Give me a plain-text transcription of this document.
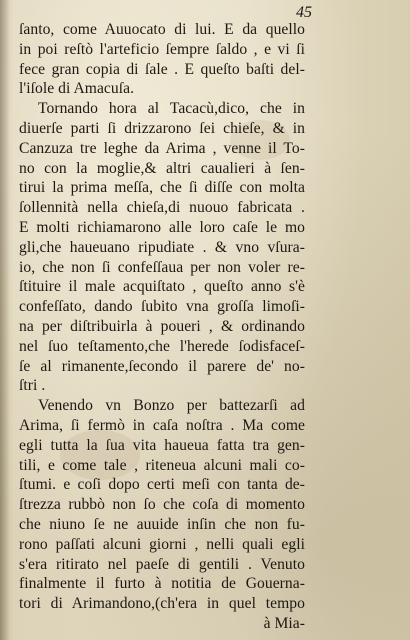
45
ſanto, come Auuocato di lui. E da quello
in poi reſtò l'arteficio ſempre ſaldo , e vi ſi
fece gran copia di ſale . E queſto baſti del-
l'iſole di Amacuſa.
Tornando hora al Tacacù,dico, che in
diuerſe parti ſi drizzarono ſei chieſe, & in
Canzuza tre leghe da Arima , venne il To-
no con la moglie,& altri caualieri à ſen-
tirui la prima meſſa, che ſi diſſe con molta
ſollennità nella chieſa,di nuouo fabricata .
E molti richiamarono alle loro caſe le mo
gli,che haueuano ripudiate . & vno vſura-
io, che non ſi confeſſaua per non voler re-
ſtituire il male acquiſtato , queſto anno s'è
confeſſato, dando ſubito vna groſſa limoſi-
na per diſtribuirla à poueri , & ordinando
nel ſuo teſtamento,che l'herede ſodisfaceſ-
ſe al rimanente,ſecondo il parere de' no-
ſtri .
Venendo vn Bonzo per battezarſi ad
Arima, ſi fermò in caſa noſtra . Ma come
egli tutta la ſua vita haueua fatta tra gen-
tili, e come tale , riteneua alcuni mali co-
ſtumi. e coſi dopo certi meſi con tanta de-
ſtrezza rubbò non ſo che coſa di momento
che niuno ſe ne auuide inſin che non fu-
rono paſſati alcuni giorni , nelli quali egli
s'era ritirato nel paeſe di gentili . Venuto
finalmente il furto à notitia de Gouerna-
tori di Arimandono,(ch'era in quel tempo
à Mia-
